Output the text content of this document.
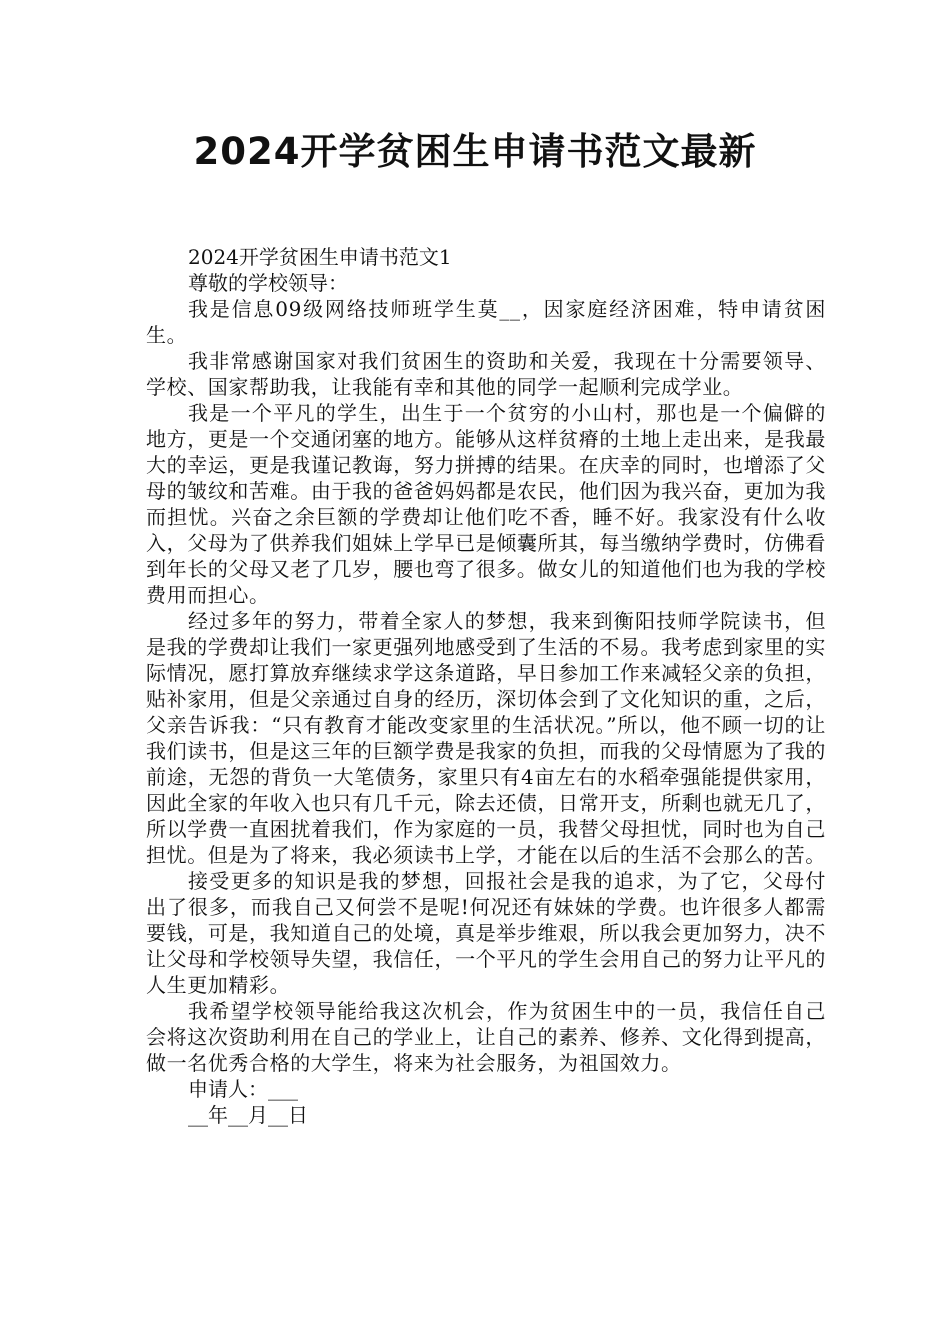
2024开学贫困生申请书范文最新

2024开学贫困生申请书范文1

尊敬的学校领导：

我是信息09级网络技师班学生莫__，因家庭经济困难，特申请贫困生。

我非常感谢国家对我们贫困生的资助和关爱，我现在十分需要领导、学校、国家帮助我，让我能有幸和其他的同学一起顺利完成学业。

我是一个平凡的学生，出生于一个贫穷的小山村，那也是一个偏僻的地方，更是一个交通闭塞的地方。能够从这样贫瘠的土地上走出来，是我最大的幸运，更是我谨记教诲，努力拼搏的结果。在庆幸的同时，也增添了父母的皱纹和苦难。由于我的爸爸妈妈都是农民，他们因为我兴奋，更加为我而担忧。兴奋之余巨额的学费却让他们吃不香，睡不好。我家没有什么收入，父母为了供养我们姐妹上学早已是倾囊所其，每当缴纳学费时，仿佛看到年长的父母又老了几岁，腰也弯了很多。做女儿的知道他们也为我的学校费用而担心。

经过多年的努力，带着全家人的梦想，我来到衡阳技师学院读书，但是我的学费却让我们一家更强列地感受到了生活的不易。我考虑到家里的实际情况，愿打算放弃继续求学这条道路，早日参加工作来减轻父亲的负担，贴补家用，但是父亲通过自身的经历，深切体会到了文化知识的重，之后，父亲告诉我：“只有教育才能改变家里的生活状况。”所以，他不顾一切的让我们读书，但是这三年的巨额学费是我家的负担，而我的父母情愿为了我的前途，无怨的背负一大笔债务，家里只有4亩左右的水稻牵强能提供家用，因此全家的年收入也只有几千元，除去还债，日常开支，所剩也就无几了，所以学费一直困扰着我们，作为家庭的一员，我替父母担忧，同时也为自己担忧。但是为了将来，我必须读书上学，才能在以后的生活不会那么的苦。

接受更多的知识是我的梦想，回报社会是我的追求，为了它，父母付出了很多，而我自己又何尝不是呢!何况还有妹妹的学费。也许很多人都需要钱，可是，我知道自己的处境，真是举步维艰，所以我会更加努力，决不让父母和学校领导失望，我信任，一个平凡的学生会用自己的努力让平凡的人生更加精彩。

我希望学校领导能给我这次机会，作为贫困生中的一员，我信任自己会将这次资助利用在自己的学业上，让自己的素养、修养、文化得到提高，做一名优秀合格的大学生，将来为社会服务，为祖国效力。

申请人：___

__年__月__日
